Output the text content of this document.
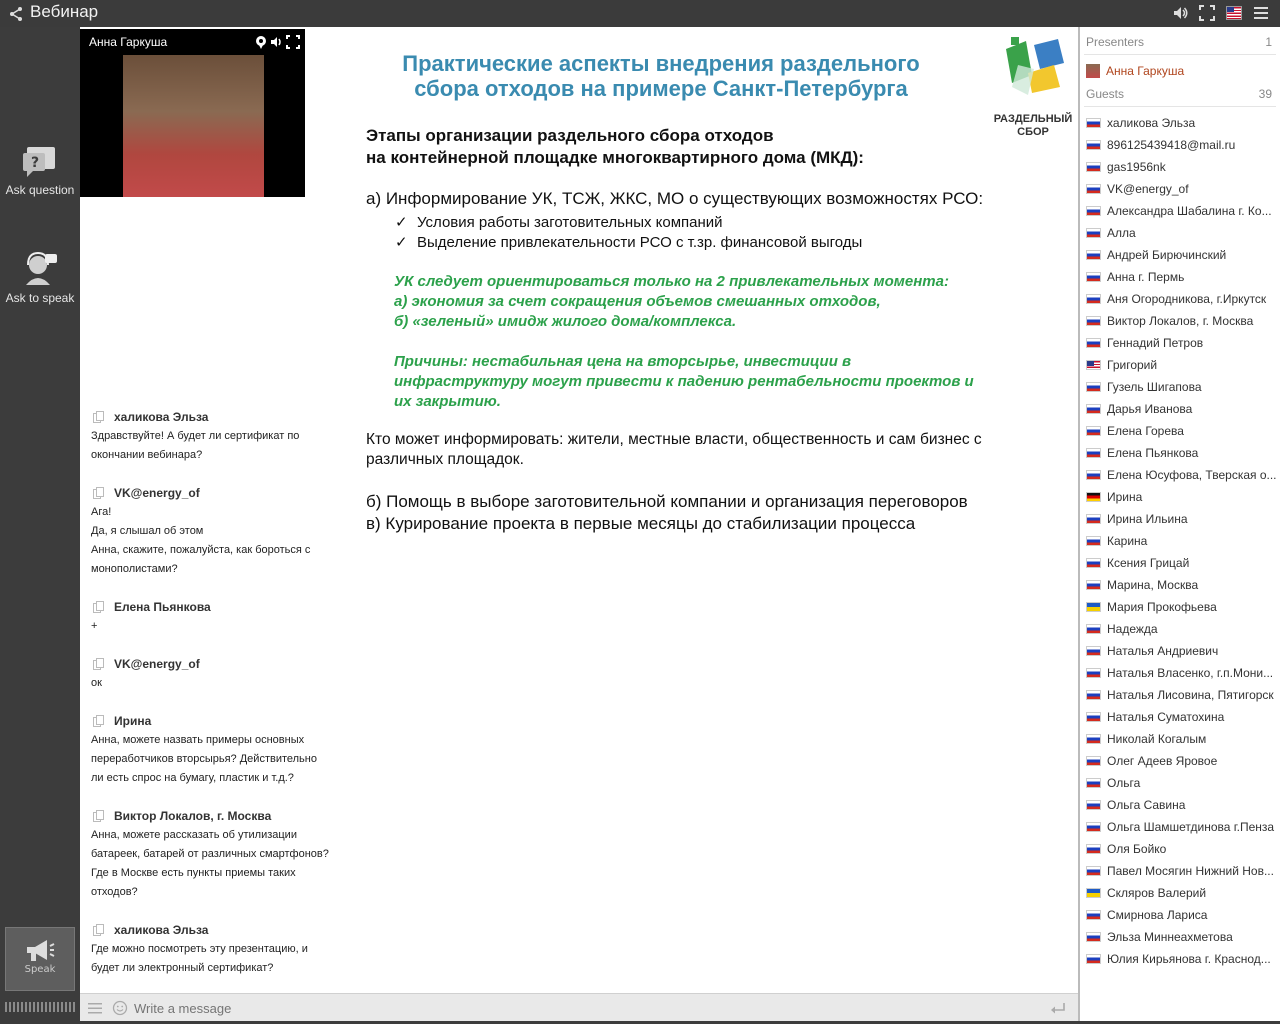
Вебинар
?
Ask question
Ask to speak
Speak
Анна Гаркуша
халикова Эльза
Здравствуйте! А будет ли сертификат по
окончании вебинара?
VK@energy_of
Ага!
Да, я слышал об этом
Анна, скажите, пожалуйста, как бороться с
монополистами?
Елена Пьянкова
+
VK@energy_of
ок
Ирина
Анна, можете назвать примеры основных
переработчиков вторсырья? Действительно
ли есть спрос на бумагу, пластик и т.д.?
Виктор Локалов, г. Москва
Анна, можете рассказать об утилизации
батареек, батарей от различных смартфонов?
Где в Москве есть пункты приемы таких
отходов?
халикова Эльза
Где можно посмотреть эту презентацию, и
будет ли электронный сертификат?
Практические аспекты внедрения раздельного
сбора отходов на примере Санкт-Петербурга
РАЗДЕЛЬНЫЙ
СБОР
Этапы организации раздельного сбора отходов
на контейнерной площадке многоквартирного дома (МКД):
а) Информирование УК, ТСЖ, ЖКС, МО о существующих возможностях РСО:
✓ Условия работы заготовительных компаний
✓ Выделение привлекательности РСО с т.зр. финансовой выгоды
УК следует ориентироваться только на 2 привлекательных момента:
а) экономия за счет сокращения объемов смешанных отходов,
б) «зеленый» имидж жилого дома/комплекса.
Причины: нестабильная цена на вторсырье, инвестиции в
инфраструктуру могут привести к падению рентабельности проектов и
их закрытию.
Кто может информировать: жители, местные власти, общественность и сам бизнес с различных площадок.
б) Помощь в выборе заготовительной компании и организация переговоров
в) Курирование проекта в первые месяцы до стабилизации процесса
Write a message
Presenters	1
Анна Гаркуша
Guests	39
халикова Эльза
896125439418@mail.ru
gas1956nk
VK@energy_of
Александра Шабалина г. Ко...
Алла
Андрей Бирючинский
Анна г. Пермь
Аня Огородникова, г.Иркутск
Виктор Локалов, г. Москва
Геннадий Петров
Григорий
Гузель Шигапова
Дарья Иванова
Елена Горева
Елена Пьянкова
Елена Юсуфова, Тверская о...
Ирина
Ирина Ильина
Карина
Ксения Грицай
Марина, Москва
Мария Прокофьева
Надежда
Наталья Андриевич
Наталья Власенко, г.п.Мони...
Наталья Лисовина, Пятигорск
Наталья Суматохина
Николай Когалым
Олег Адеев Яровое
Ольга
Ольга Савина
Ольга Шамшетдинова г.Пенза
Оля Бойко
Павел Мосягин Нижний Нов...
Скляров Валерий
Смирнова Лариса
Эльза Миннеахметова
Юлия Кирьянова г. Краснод...
